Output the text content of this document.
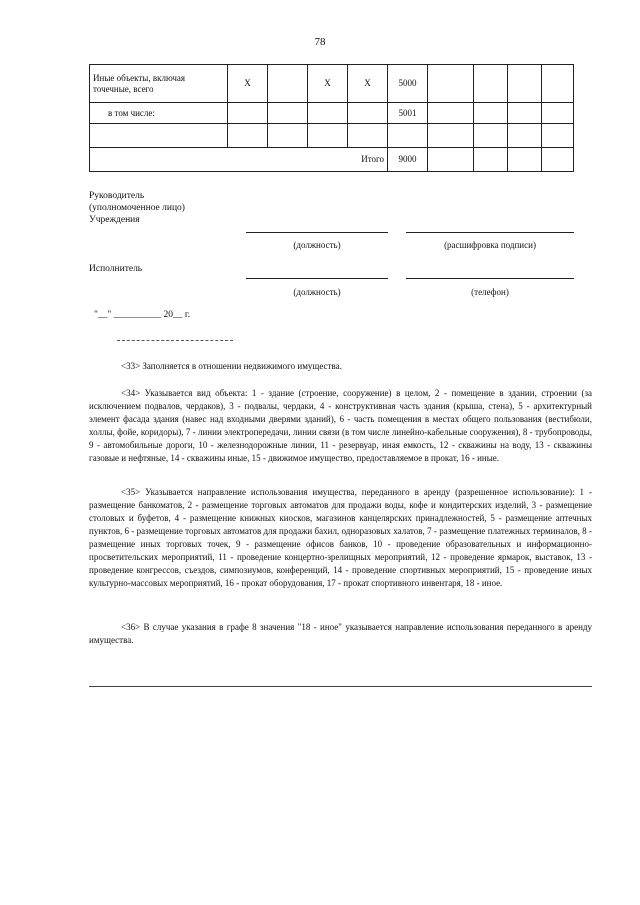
78
Иные объекты, включая точечные, всего	X		X	X	5000				
в том числе:					5001				

Итого					9000				
Руководитель
(уполномоченное лицо)
Учреждения
(должность)	(расшифровка подписи)
Исполнитель
(должность)	(телефон)
"__" __________ 20__ г.

<33> Заполняется в отношении недвижимого имущества.

<34> Указывается вид объекта: 1 - здание (строение, сооружение) в целом, 2 - помещение в здании, строении (за исключением подвалов, чердаков), 3 - подвалы, чердаки, 4 - конструктивная часть здания (крыша, стена), 5 - архитектурный элемент фасада здания (навес над входными дверями зданий), 6 - часть помещения в местах общего пользования (вестибюли, холлы, фойе, коридоры), 7 - линии электропередачи, линии связи (в том числе линейно-кабельные сооружения), 8 - трубопроводы, 9 - автомобильные дороги, 10 - железнодорожные линии, 11 - резервуар, иная емкость, 12 - скважины на воду, 13 - скважины газовые и нефтяные, 14 - скважины иные, 15 - движимое имущество, предоставляемое в прокат, 16 - иные.

<35> Указывается направление использования имущества, переданного в аренду (разрешенное использование): 1 - размещение банкоматов, 2 - размещение торговых автоматов для продажи воды, кофе и кондитерских изделий, 3 - размещение столовых и буфетов, 4 - размещение книжных киосков, магазинов канцелярских принадлежностей, 5 - размещение аптечных пунктов, 6 - размещение торговых автоматов для продажи бахил, одноразовых халатов, 7 - размещение платежных терминалов, 8 - размещение иных торговых точек, 9 - размещение офисов банков, 10 - проведение образовательных и информационно-просветительских мероприятий, 11 - проведение концертно-зрелищных мероприятий, 12 - проведение ярмарок, выставок, 13 - проведение конгрессов, съездов, симпозиумов, конференций, 14 - проведение спортивных мероприятий, 15 - проведение иных культурно-массовых мероприятий, 16 - прокат оборудования, 17 - прокат спортивного инвентаря, 18 - иное.

<36> В случае указания в графе 8 значения "18 - иное" указывается направление использования переданного в аренду имущества.
